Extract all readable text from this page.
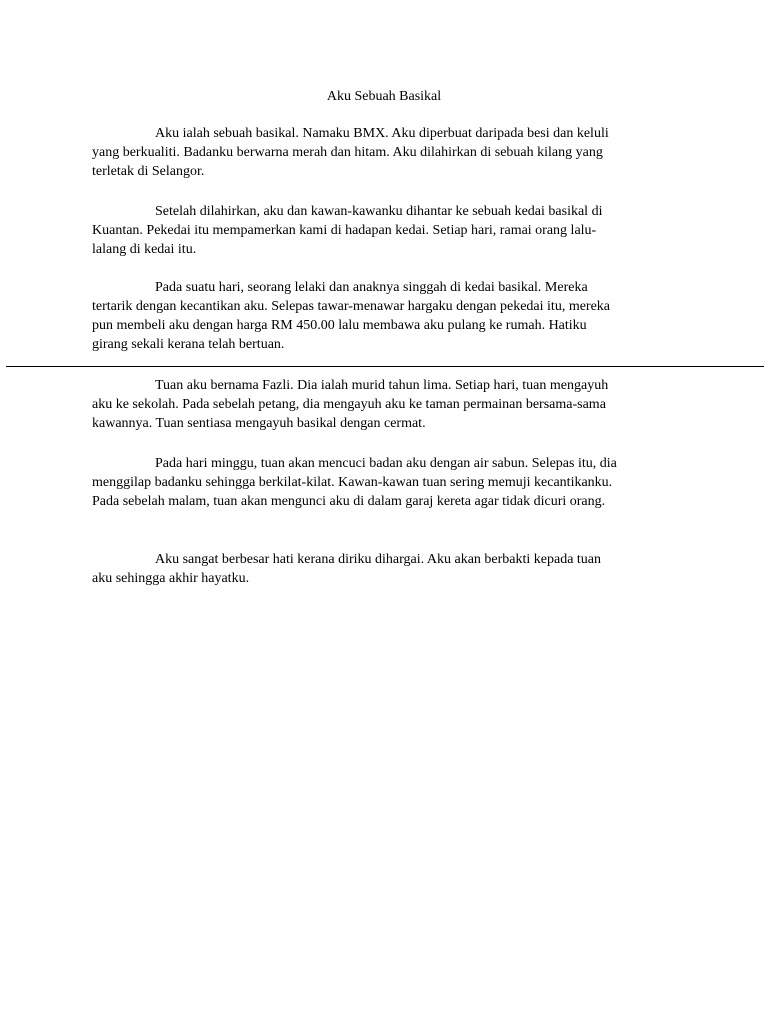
Aku Sebuah Basikal
Aku ialah sebuah basikal. Namaku BMX. Aku diperbuat daripada besi dan keluli
yang berkualiti. Badanku berwarna merah dan hitam. Aku dilahirkan di sebuah kilang yang
terletak di Selangor.
Setelah dilahirkan, aku dan kawan-kawanku dihantar ke sebuah kedai basikal di
Kuantan. Pekedai itu mempamerkan kami di hadapan kedai. Setiap hari, ramai orang lalu-
lalang di kedai itu.
Pada suatu hari, seorang lelaki dan anaknya singgah di kedai basikal. Mereka
tertarik dengan kecantikan aku. Selepas tawar-menawar hargaku dengan pekedai itu, mereka
pun membeli aku dengan harga RM 450.00 lalu membawa aku pulang ke rumah. Hatiku
girang sekali kerana telah bertuan.
Tuan aku bernama Fazli. Dia ialah murid tahun lima. Setiap hari, tuan mengayuh
aku ke sekolah. Pada sebelah petang, dia mengayuh aku ke taman permainan bersama-sama
kawannya. Tuan sentiasa mengayuh basikal dengan cermat.
Pada hari minggu, tuan akan mencuci badan aku dengan air sabun. Selepas itu, dia
menggilap badanku sehingga berkilat-kilat. Kawan-kawan tuan sering memuji kecantikanku.
Pada sebelah malam, tuan akan mengunci aku di dalam garaj kereta agar tidak dicuri orang.
Aku sangat berbesar hati kerana diriku dihargai. Aku akan berbakti kepada tuan
aku sehingga akhir hayatku.
